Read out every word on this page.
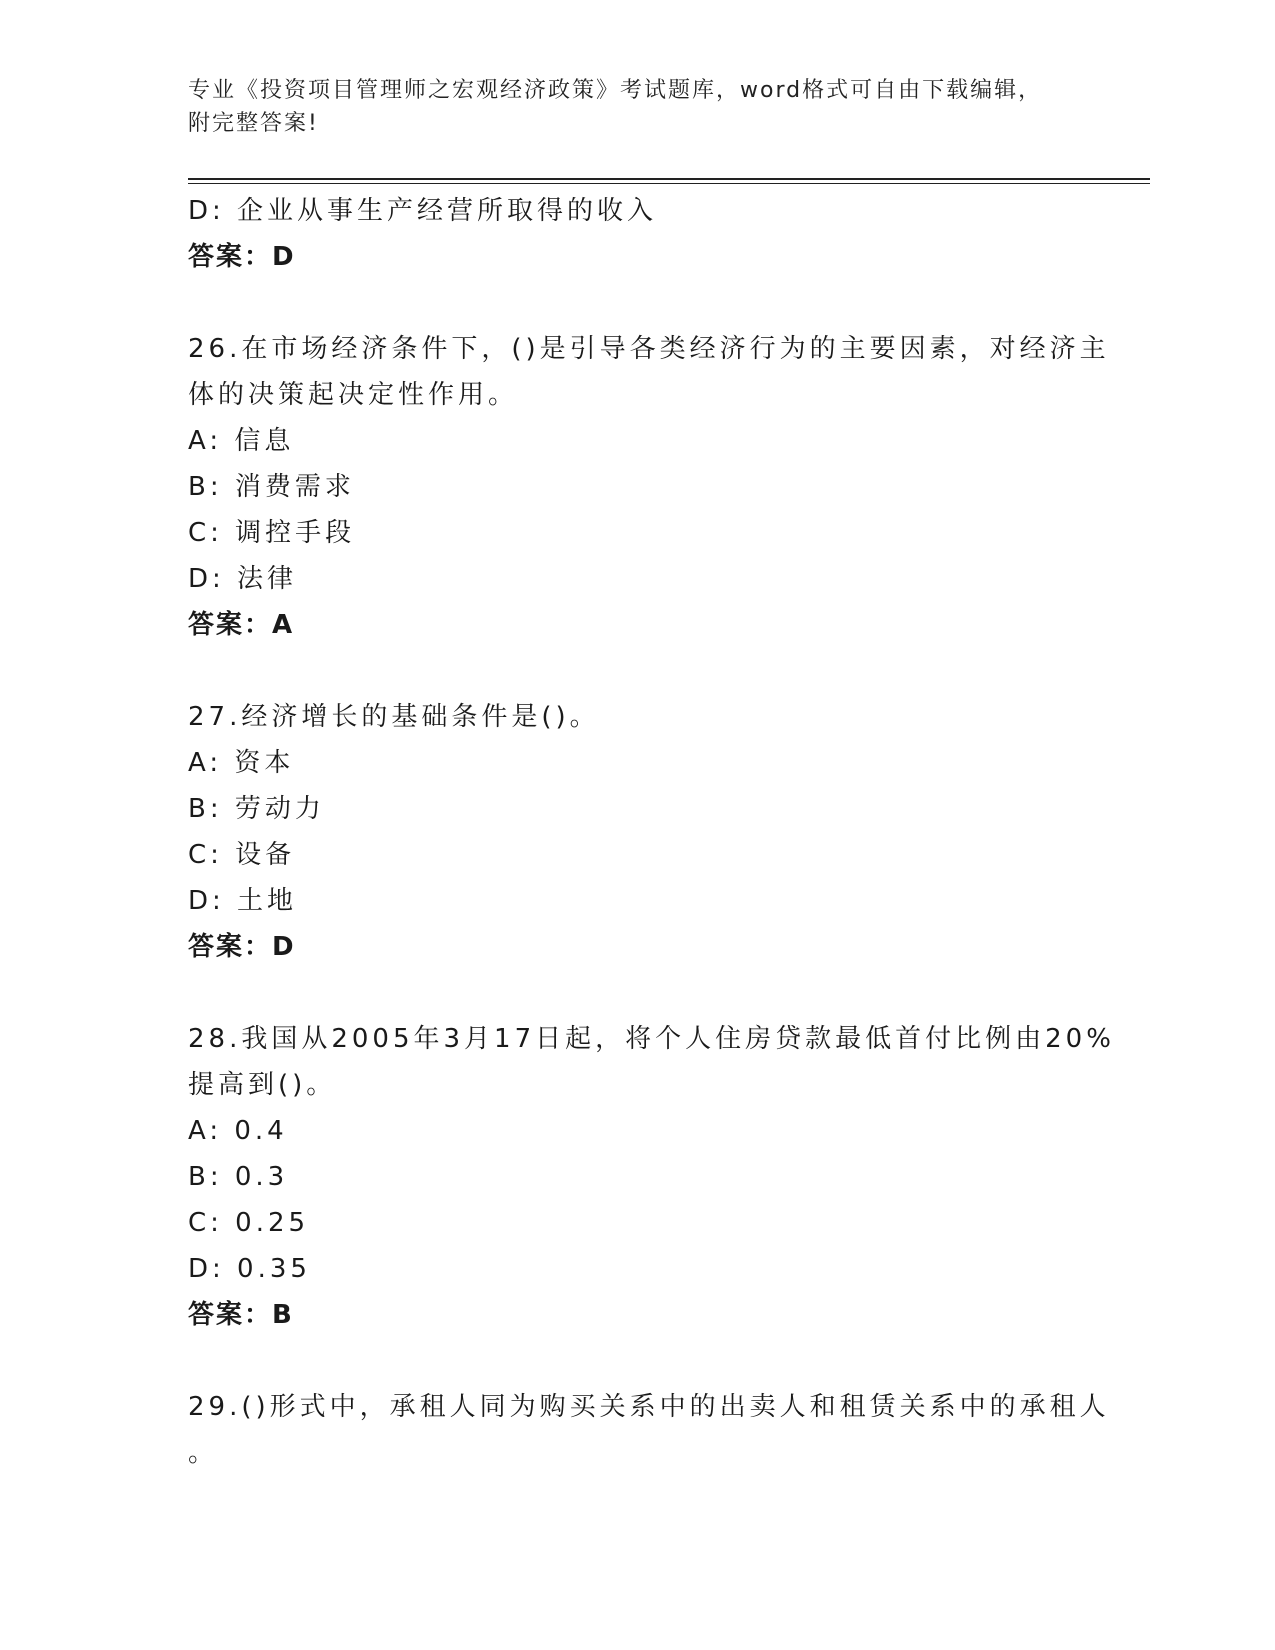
专业《投资项目管理师之宏观经济政策》考试题库，word格式可自由下载编辑，
附完整答案!
D: 企业从事生产经营所取得的收入
答案：D
26.在市场经济条件下，()是引导各类经济行为的主要因素，对经济主
体的决策起决定性作用。
A: 信息
B: 消费需求
C: 调控手段
D: 法律
答案：A
27.经济增长的基础条件是()。
A: 资本
B: 劳动力
C: 设备
D: 土地
答案：D
28.我国从2005年3月17日起，将个人住房贷款最低首付比例由20%
提高到()。
A: 0.4
B: 0.3
C: 0.25
D: 0.35
答案：B
29.()形式中，承租人同为购买关系中的出卖人和租赁关系中的承租人
。
